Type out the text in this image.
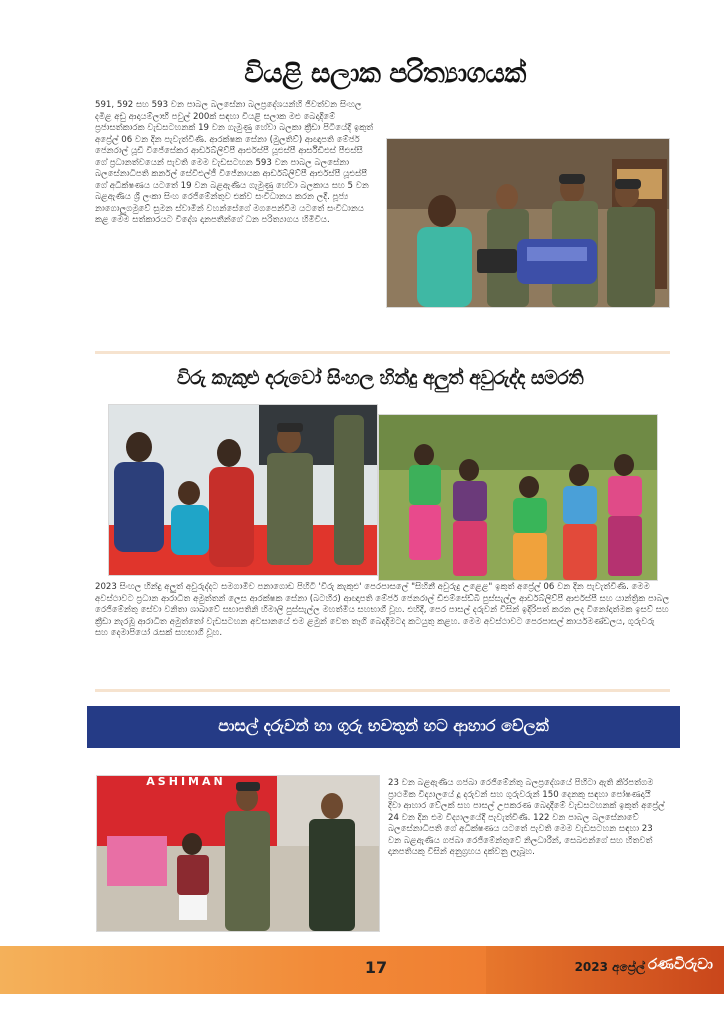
වියළි සලාක පරිත්‍යාගයක්

591, 592 සහ 593 වන පාබල බලසේනා බලප්‍රදේශයන්හි ජීවත්වන සිංහල දමිළ අඩු ආදායම්ලාභී පවුල් 200ක් සඳහා වියළි සලාක මළු බෙදාදීමේ ප්‍රජාසත්කාරක වැඩසටහනක් 19 වන ගැමුණු හේවා බලකා ක්‍රීඩා පිටියේදී ඉකුත් අප්‍රේල් 06 වන දින පැවැත්විණි. ආරක්ෂක සේනා (මුලතිව්) ආඥාපති මේජර් ජෙනරාල් යූඩී විජේසේකර ආර්ඩබ්ලිව්පී ආර්එස්පී යූඑස්පී ආර්සීඩීඑස් පීඑස්සී ගේ ප්‍රධානත්වයෙන් පැවති මෙම වැඩසටහන 593 වන පාබල බලසේනා බලසේනාධිපති කර්නල් සේවිඑල්ජී විජේනායක ආර්ඩබ්ලිව්පී ආර්එස්පී යූඑස්පී ගේ අධීක්ෂණය යටතේ 19 වන බළඇණිය ගැමුණු හේවා බලකාය සහ 5 වන බළඇණිය ශ්‍රී ලංකා සිංහ රෙජිමේන්තුව එක්ව සංවිධානය කරන ලදී. පූජ්‍ය නාගොලුගමුවේ සුමන ස්වාමීන් වහන්සේගේ මගපෙන්වීම යටතේ සංවිධානය කළ මෙම සත්කාරයට විදේශ දානපතීන්ගේ ධන පරිත්‍යාගය හිමිවිය.

විරු කැකුළු දරුවෝ සිංහල හින්දු අලුත් අවුරුද්ද සමරති

2023 සිංහල හින්දු අලුත් අවුරුද්දට සමගාමීව පනාගොඩ පිහිටි 'විරු කැකුළු' පෙරපාසලේ "සිහිනී අවුරුදු උළෙළ" ඉකුත් අප්‍රේල් 06 වන දින පැවැත්විණි. මෙම අවස්ථාවට ප්‍රධාන ආරාධිත අමුත්තන් ලෙස ආරක්ෂක සේනා (බටහිර) ආඥාපති මේජර් ජෙනරාල් ඩීඑම්සේඩ්බී පුස්සැල්ල ආර්ඩබ්ලිව්පී ආර්එස්පී සහ යාන්ත්‍රික පාබල රෙජිමේන්තු සේවා වනිතා ශාඛාවේ සභාපතිනි හිමාලි පුස්සැල්ල මහත්මිය සහභාගී වූහ. එහිදී, පෙර පාසල් දරුවන් විසින් ඉදිරිපත් කරන ලද විනෝදාත්මක ඉසව් සහ ක්‍රීඩා නැරඹූ ආරාධිත අමුත්තෝ වැඩසටහන අවසානයේ එම ළමුන් වෙත තෑගි බෙදාදීමටද කටයුතු කළහ. මෙම අවස්ථාවට පෙරපාසල් කාර්යමණ්ඩලය, ගුරුවරු සහ දෙමාපියෝ රැසක් සහභාගී වූහ.

පාසල් දරුවන් හා ගුරු භවතුන් හට ආහාර වේලක්
ASHIMAN	23 වන බළඇණිය ගජබා රෙජිමේන්තු බලප්‍රදේශයේ පිහිටා ඇති කිරිපත්ගම ප්‍රාථමික විද්‍යාලයේ දූ දරුවන් සහ ගුරුවරුන් 150 දෙනකු සඳහා පෝෂණදායී දිවා ආහාර වේලක් සහ පාසල් උපකරණ බෙදාදීමේ වැඩසටහනක් ඉකුත් අප්‍රේල් 24 වන දින එම විද්‍යාලයේදී පැවැත්විණි. 122 වන පාබල බලසේනාවේ බලසේනාධිපති ගේ අධීක්ෂණය යටතේ පැවති මෙම වැඩසටහන සඳහා 23 වන බළඇණිය ගජබා රෙජිමේන්තුවේ නිලධාරීන්, සෙබළුන්ගේ සහ හිතවත් දානපතියකු විසින් අනුග්‍රහය දක්වනු ලැබූහ.

17	2023 අප්‍රේල් රණවිරුවා
